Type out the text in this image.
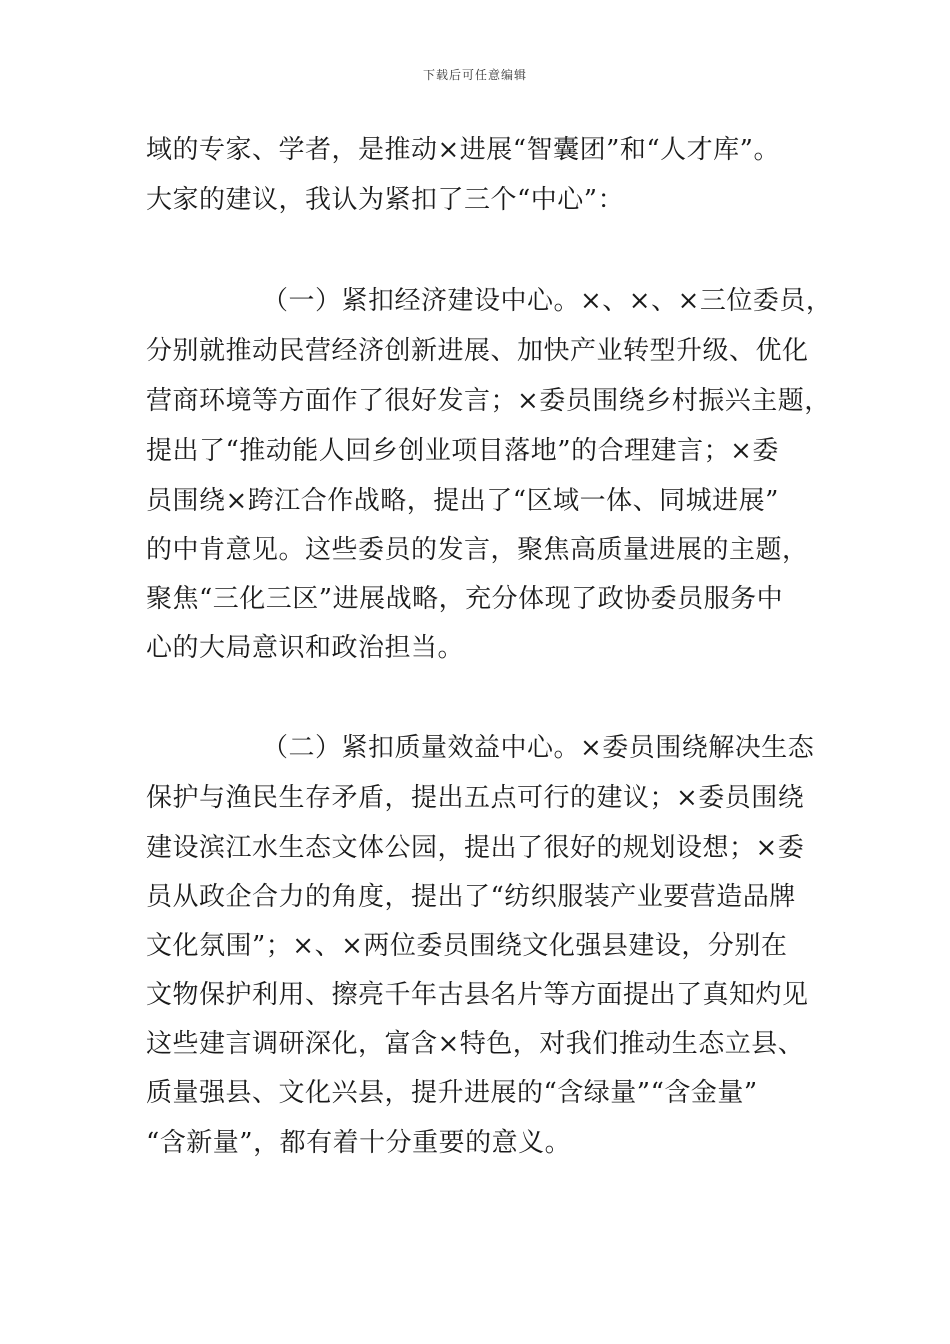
下载后可任意编辑
域的专家、学者，是推动×进展“智囊团”和“人才库”。
大家的建议，我认为紧扣了三个“中心”：
（一）紧扣经济建设中心。×、×、×三位委员，
分别就推动民营经济创新进展、加快产业转型升级、优化
营商环境等方面作了很好发言；×委员围绕乡村振兴主题，
提出了“推动能人回乡创业项目落地”的合理建言；×委
员围绕×跨江合作战略，提出了“区域一体、同城进展”
的中肯意见。这些委员的发言，聚焦高质量进展的主题，
聚焦“三化三区”进展战略，充分体现了政协委员服务中
心的大局意识和政治担当。
（二）紧扣质量效益中心。×委员围绕解决生态
保护与渔民生存矛盾，提出五点可行的建议；×委员围绕
建设滨江水生态文体公园，提出了很好的规划设想；×委
员从政企合力的角度，提出了“纺织服装产业要营造品牌
文化氛围”；×、×两位委员围绕文化强县建设，分别在
文物保护利用、擦亮千年古县名片等方面提出了真知灼见
这些建言调研深化，富含×特色，对我们推动生态立县、
质量强县、文化兴县，提升进展的“含绿量”“含金量”
“含新量”，都有着十分重要的意义。
